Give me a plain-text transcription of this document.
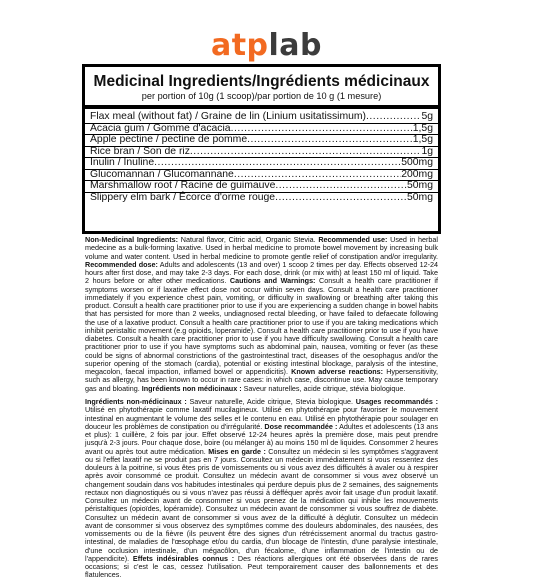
atplab
Medicinal Ingredients/Ingrédients médicinaux
per portion of 10g (1 scoop)/par portion de 10 g (1 mesure)
Flax meal (without fat) / Graine de lin (Linium usitatissimum) .....	5g
Acacia gum / Gomme d'acacia .....	1,5g
Apple pectine / pectine de pomme .....	1,5g
Rice bran / Son de riz .....	1g
Inulin / Inuline .....	500mg
Glucomannan / Glucomannane .....	200mg
Marshmallow root / Racine de guimauve .....	50mg
Slippery elm bark / Écorce d'orme rouge .....	50mg
Non-Medicinal Ingredients: Natural flavor, Citric acid, Organic Stevia. Recommended use: Used in herbal medecine as a bulk-forming laxative. Used in herbal medicine to promote bowel movement by increasing bulk volume and water content. Used in herbal medicine to promote gentle relief of constipation and/or irregularity. Recommended dose: Adults and adolescents (13 and over) 1 scoop 2 times per day. Effects observed 12-24 hours after first dose, and may take 2-3 days. For each dose, drink (or mix with) at least 150 ml of liquid. Take 2 hours before or after other medications. Cautions and Warnings: Consult a health care practitioner if symptoms worsen or if laxative effect dose not occur within seven days. Consult a health care practitioner immediately if you experience chest pain, vomiting, or difficulty in swallowing or breathing after taking this product. Consult a health care practitioner prior to use if you are experiencing a sudden change in bowel habits that has persisted for more than 2 weeks, undiagnosed rectal bleeding, or have failed to defaecate following the use of a laxative product. Consult a health care practitioner prior to use if you are taking medications which inhibit peristaltic movement (e.g opioids, loperamide). Consult a health care practitioner prior to use if you have diabetes. Consult a health care practitioner prior to use if you have difficulty swallowing. Consult a health care practitioner prior to use if you have symptoms such as abdominal pain, nausea, vomiting or fever (as these could be signs of abnormal constrictions of the gastrointestinal tract, diseases of the oesophagus and/or the superior opening of the stomach (cardia), potential or existing intestinal blockage, paralysis of the intestine, megacolon, faecal impaction, inflamed bowel or appendicitis). Known adverse reactions: Hypersensitivity, such as allergy, has been known to occur in rare cases: in which case, discontinue use. May cause temporary gas and bloating. Ingrédients non médicinaux : Saveur naturelles, acide citrique, stévia biologique.
Ingrédients non-médicinaux : Saveur naturelle, Acide citrique, Stevia biologique. Usages recommandés : Utilisé en phytothérapie comme laxatif mucilagineux. Utilisé en phytothérapie pour favoriser le mouvement intestinal en augmentant le volume des selles et le contenu en eau. Utilisé en phytothérapie pour soulager en douceur les problèmes de constipation ou d'irrégularité. Dose recommandée : Adultes et adolescents (13 ans et plus): 1 cuillère, 2 fois par jour. Effet observé 12-24 heures après la première dose, mais peut prendre jusqu'à 2-3 jours. Pour chaque dose, boire (ou mélanger à) au moins 150 ml de liquides. Consommer 2 heures avant ou après tout autre médication. Mises en garde : Consultez un médecin si les symptômes s'aggravent ou si l'effet laxatif ne se produit pas en 7 jours. Consultez un médecin immédiatement si vous ressentez des douleurs à la poitrine, si vous êtes pris de vomissements ou si vous avez des difficultés à avaler ou à respirer après avoir consommé ce produit. Consultez un médecin avant de consommer si vous avez observé un changement soudain dans vos habitudes intestinales qui perdure depuis plus de 2 semaines, des saignements rectaux non diagnostiqués ou si vous n'avez pas réussi à défféquer après avoir fait usage d'un produit laxatif. Consultez un médecin avant de consommer si vous prenez de la médication qui inhibe les mouvements péristaltiques (opioïdes, lopéramide). Consultez un médecin avant de consommer si vous souffrez de diabète. Consultez un médecin avant de consommer si vous avez de la difficulté à déglutir. Consultez un médecin avant de consommer si vous observez des symptômes comme des douleurs abdominales, des nausées, des vomissements ou de la fièvre (ils peuvent être des signes d'un rétrécissement anormal du tractus gastro-intestinal, de maladies de l'œsophage et/ou du cardia, d'un blocage de l'intestin, d'une paralysie intestinale, d'une occlusion intestinale, d'un mégacôlon, d'un fécalome, d'une inflammation de l'intestin ou de l'appendicite). Effets indésirables connus : Des réactions allergiques ont été observées dans de rares occasions; si c'est le cas, cessez l'utilisation. Peut temporairement causer des ballonnements et des flatulences.
